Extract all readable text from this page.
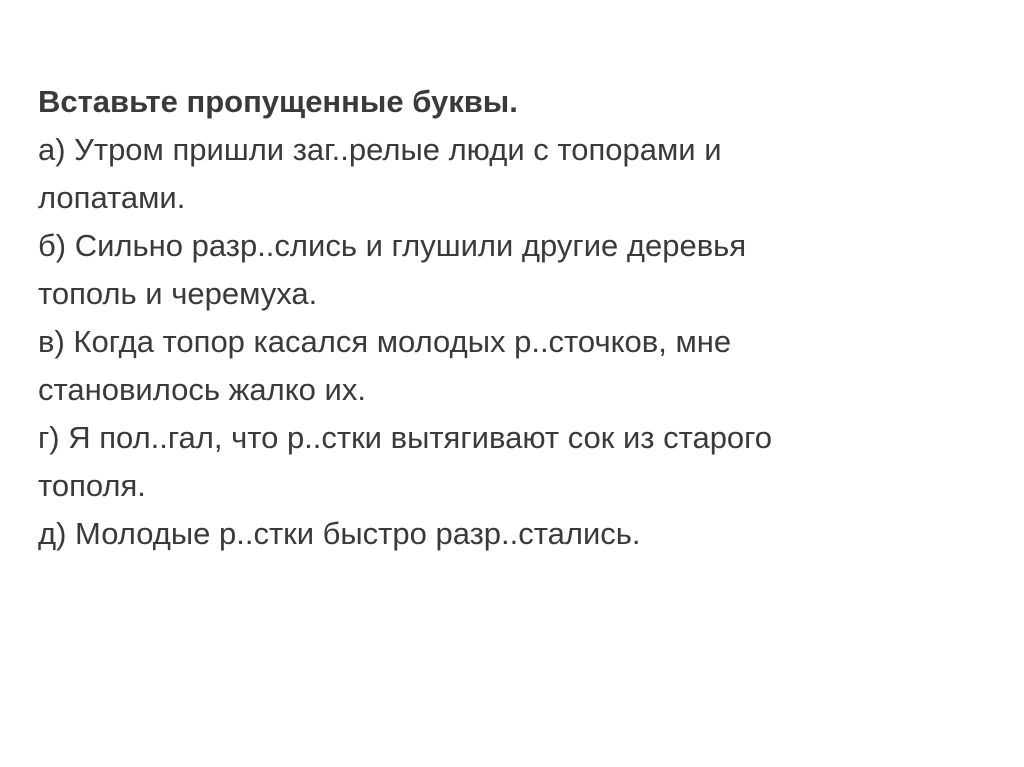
Вставьте пропущенные буквы.
а) Утром пришли заг..релые люди с топорами и
лопатами.
б) Сильно разр..слись и глушили другие деревья
тополь и черемуха.
в) Когда топор касался молодых р..сточков, мне
становилось жалко их.
г) Я пол..гал, что р..стки вытягивают сок из старого
тополя.
д) Молодые р..стки быстро разр..стались.
